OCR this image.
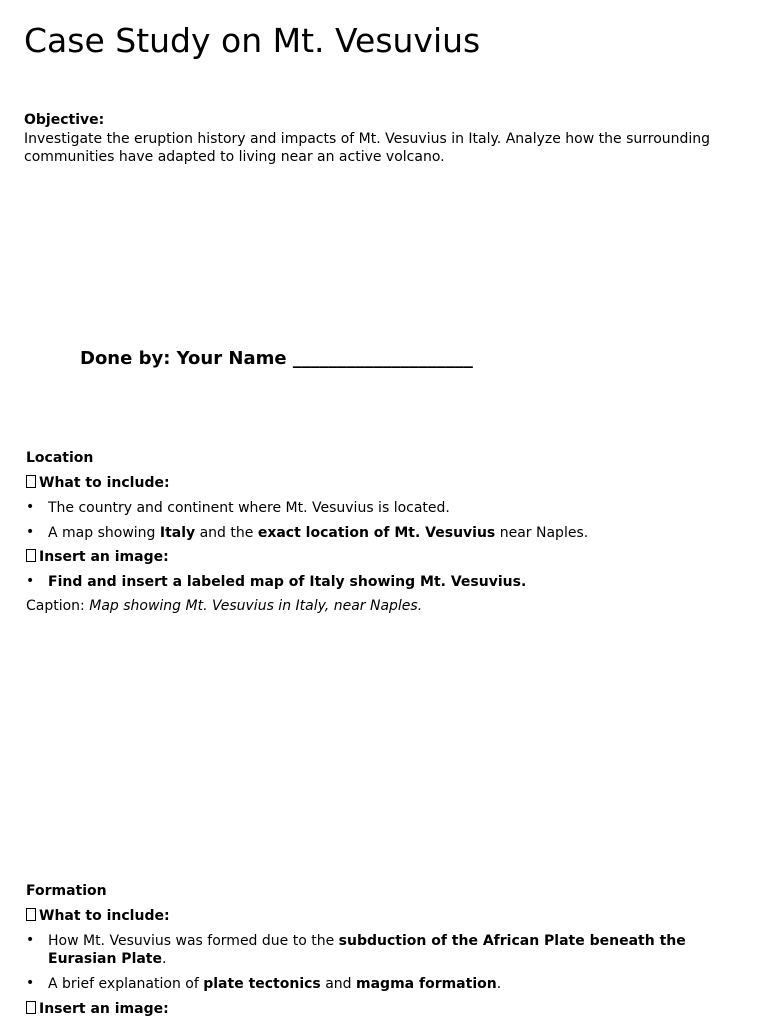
Case Study on Mt. Vesuvius
Objective:
Investigate the eruption history and impacts of Mt. Vesuvius in Italy. Analyze how the surrounding communities have adapted to living near an active volcano.
Done by: Your Name ____________________
Location
What to include:
• The country and continent where Mt. Vesuvius is located.
• A map showing Italy and the exact location of Mt. Vesuvius near Naples.
Insert an image:
• Find and insert a labeled map of Italy showing Mt. Vesuvius.
Caption: Map showing Mt. Vesuvius in Italy, near Naples.
Formation
What to include:
• How Mt. Vesuvius was formed due to the subduction of the African Plate beneath the Eurasian Plate.
• A brief explanation of plate tectonics and magma formation.
Insert an image:
